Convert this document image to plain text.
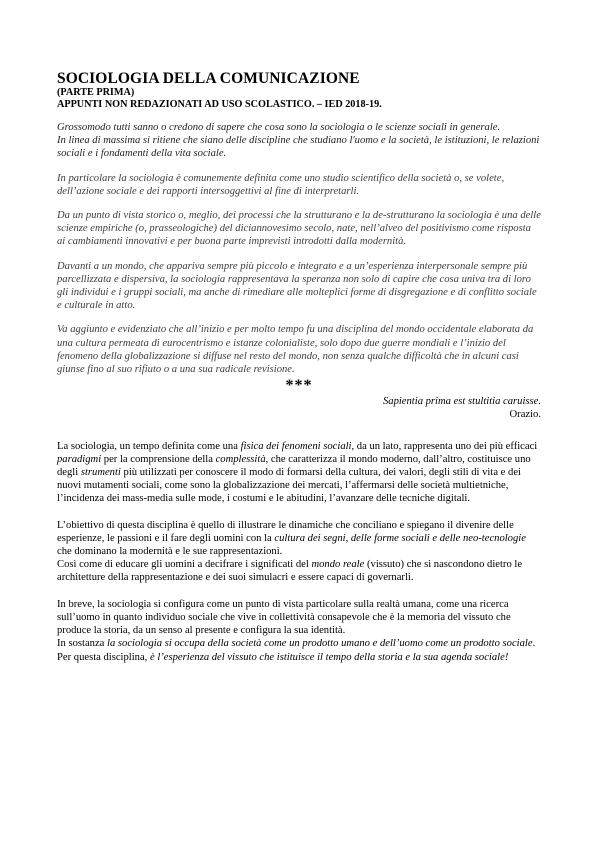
SOCIOLOGIA DELLA COMUNICAZIONE

(PARTE PRIMA)

APPUNTI NON REDAZIONATI AD USO SCOLASTICO. – IED 2018-19.

Grossomodo tutti sanno o credono di sapere che cosa sono la sociologia o le scienze sociali in generale.
In linea di massima si ritiene che siano delle discipline che studiano l'uomo e la società, le istituzioni, le relazioni sociali e i fondamenti della vita sociale.

In particolare la sociologia è comunemente definita come uno studio scientifico della società o, se volete, dell’azione sociale e dei rapporti intersoggettivi al fine di interpretarli.

Da un punto di vista storico o, meglio, dei processi che la strutturano e la de-strutturano la sociologia è una delle scienze empiriche (o, prasseologiche) del diciannovesimo secolo, nate, nell’alveo del positivismo come risposta ai cambiamenti innovativi e per buona parte imprevisti introdotti dalla modernità.

Davanti a un mondo, che appariva sempre più piccolo e integrato e a un’esperienza interpersonale sempre più parcellizzata e dispersiva, la sociologia rappresentava la speranza non solo di capire che cosa univa tra di loro gli individui e i gruppi sociali, ma anche di rimediare alle molteplici forme di disgregazione e di conflitto sociale e culturale in atto.

Va aggiunto e evidenziato che all’inizio e per molto tempo fu una disciplina del mondo occidentale elaborata da una cultura permeata di eurocentrismo e istanze colonialiste, solo dopo due guerre mondiali e l’inizio del fenomeno della globalizzazione si diffuse nel resto del mondo, non senza qualche difficoltà che in alcuni casi giunse fino al suo rifiuto o a una sua radicale revisione.

***

Sapientia prima est stultitia caruisse.

Orazio.

La sociologia, un tempo definita come una fisica dei fenomeni sociali, da un lato, rappresenta uno dei più efficaci paradigmi per la comprensione della complessità, che caratterizza il mondo moderno, dall’altro, costituisce uno degli strumenti più utilizzati per conoscere il modo di formarsi della cultura, dei valori, degli stili di vita e dei nuovi mutamenti sociali, come sono la globalizzazione dei mercati, l’affermarsi delle società multietniche, l’incidenza dei mass-media sulle mode, i costumi e le abitudini, l’avanzare delle tecniche digitali.

L’obiettivo di questa disciplina è quello di illustrare le dinamiche che conciliano e spiegano il divenire delle esperienze, le passioni e il fare degli uomini con la cultura dei segni, delle forme sociali e delle neo-tecnologie che dominano la modernità e le sue rappresentazioni.

Così come di educare gli uomini a decifrare i significati del mondo reale (vissuto) che si nascondono dietro le architetture della rappresentazione e dei suoi simulacri e essere capaci di governarli.

In breve, la sociologia si configura come un punto di vista particolare sulla realtà umana, come una ricerca sull’uomo in quanto individuo sociale che vive in collettività consapevole che è la memoria del vissuto che produce la storia, da un senso al presente e configura la sua identità.
In sostanza la sociologia si occupa della società come un prodotto umano e dell’uomo come un prodotto sociale. Per questa disciplina, è l’esperienza del vissuto che istituisce il tempo della storia e la sua agenda sociale!
